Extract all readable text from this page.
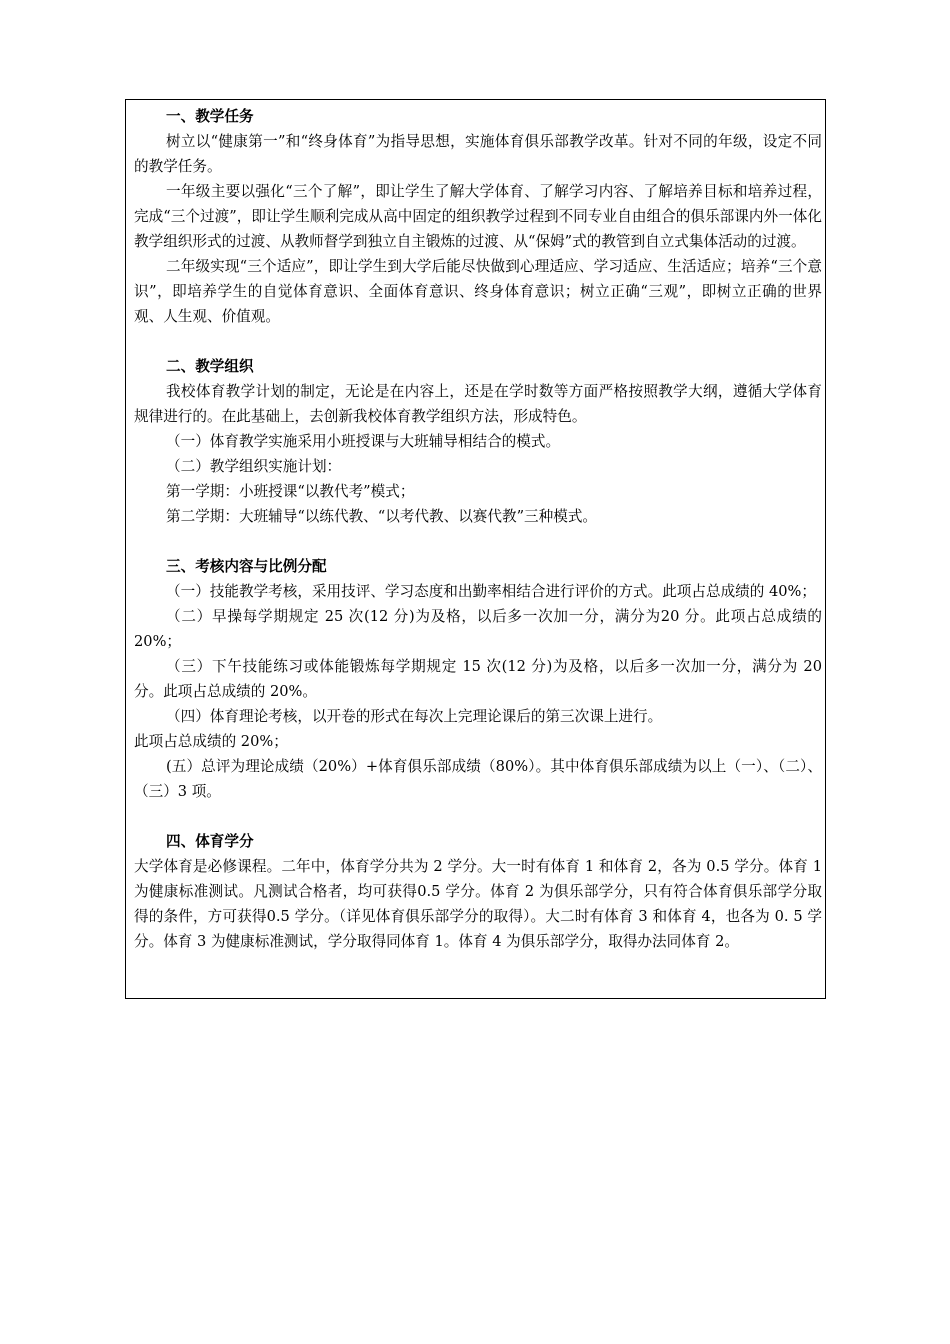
一、教学任务

树立以“健康第一”和“终身体育”为指导思想，实施体育俱乐部教学改革。针对不同的年级，设定不同的教学任务。

一年级主要以强化“三个了解”，即让学生了解大学体育、了解学习内容、了解培养目标和培养过程，完成“三个过渡”，即让学生顺利完成从高中固定的组织教学过程到不同专业自由组合的俱乐部课内外一体化教学组织形式的过渡、从教师督学到独立自主锻炼的过渡、从“保姆”式的教管到自立式集体活动的过渡。

二年级实现“三个适应”，即让学生到大学后能尽快做到心理适应、学习适应、生活适应；培养“三个意识”，即培养学生的自觉体育意识、全面体育意识、终身体育意识；树立正确“三观”，即树立正确的世界观、人生观、价值观。

二、教学组织

我校体育教学计划的制定，无论是在内容上，还是在学时数等方面严格按照教学大纲，遵循大学体育规律进行的。在此基础上，去创新我校体育教学组织方法，形成特色。

（一）体育教学实施采用小班授课与大班辅导相结合的模式。

（二）教学组织实施计划：

第一学期：小班授课“以教代考”模式；

第二学期：大班辅导“以练代教、“以考代教、以赛代教”三种模式。

三、考核内容与比例分配

（一）技能教学考核，采用技评、学习态度和出勤率相结合进行评价的方式。此项占总成绩的 40%；

（二）早操每学期规定 25 次(12 分)为及格，以后多一次加一分，满分为20 分。此项占总成绩的 20%；

（三）下午技能练习或体能锻炼每学期规定 15 次(12 分)为及格，以后多一次加一分，满分为 20 分。此项占总成绩的 20%。

（四）体育理论考核，以开卷的形式在每次上完理论课后的第三次课上进行。

此项占总成绩的 20%；

(五）总评为理论成绩（20%）+体育俱乐部成绩（80%）。其中体育俱乐部成绩为以上（一）、（二）、（三）3 项。

四、体育学分

大学体育是必修课程。二年中，体育学分共为 2 学分。大一时有体育 1 和体育 2，各为 0.5 学分。体育 1 为健康标准测试。凡测试合格者，均可获得0.5 学分。体育 2 为俱乐部学分，只有符合体育俱乐部学分取得的条件，方可获得0.5 学分。（详见体育俱乐部学分的取得）。大二时有体育 3 和体育 4，也各为 0. 5 学分。体育 3 为健康标准测试，学分取得同体育 1。体育 4 为俱乐部学分，取得办法同体育 2。
